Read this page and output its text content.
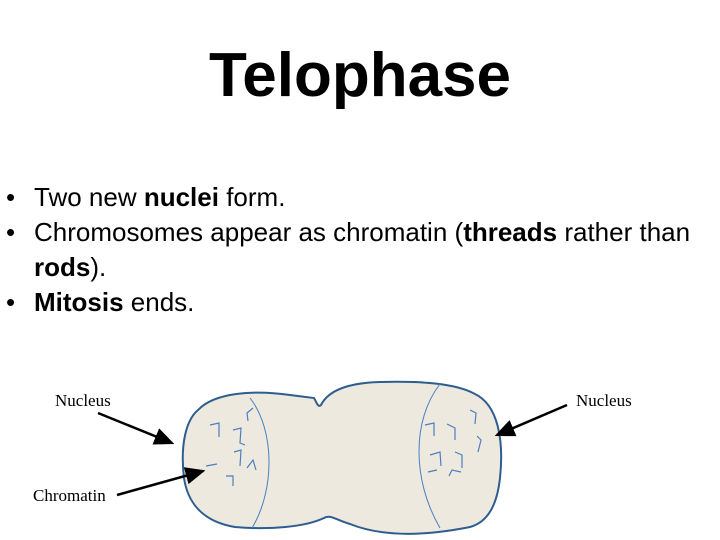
Telophase
• Two new nuclei form.
• Chromosomes appear as chromatin (threads rather than rods).
• Mitosis ends.
Nucleus	Nucleus
Chromatin
